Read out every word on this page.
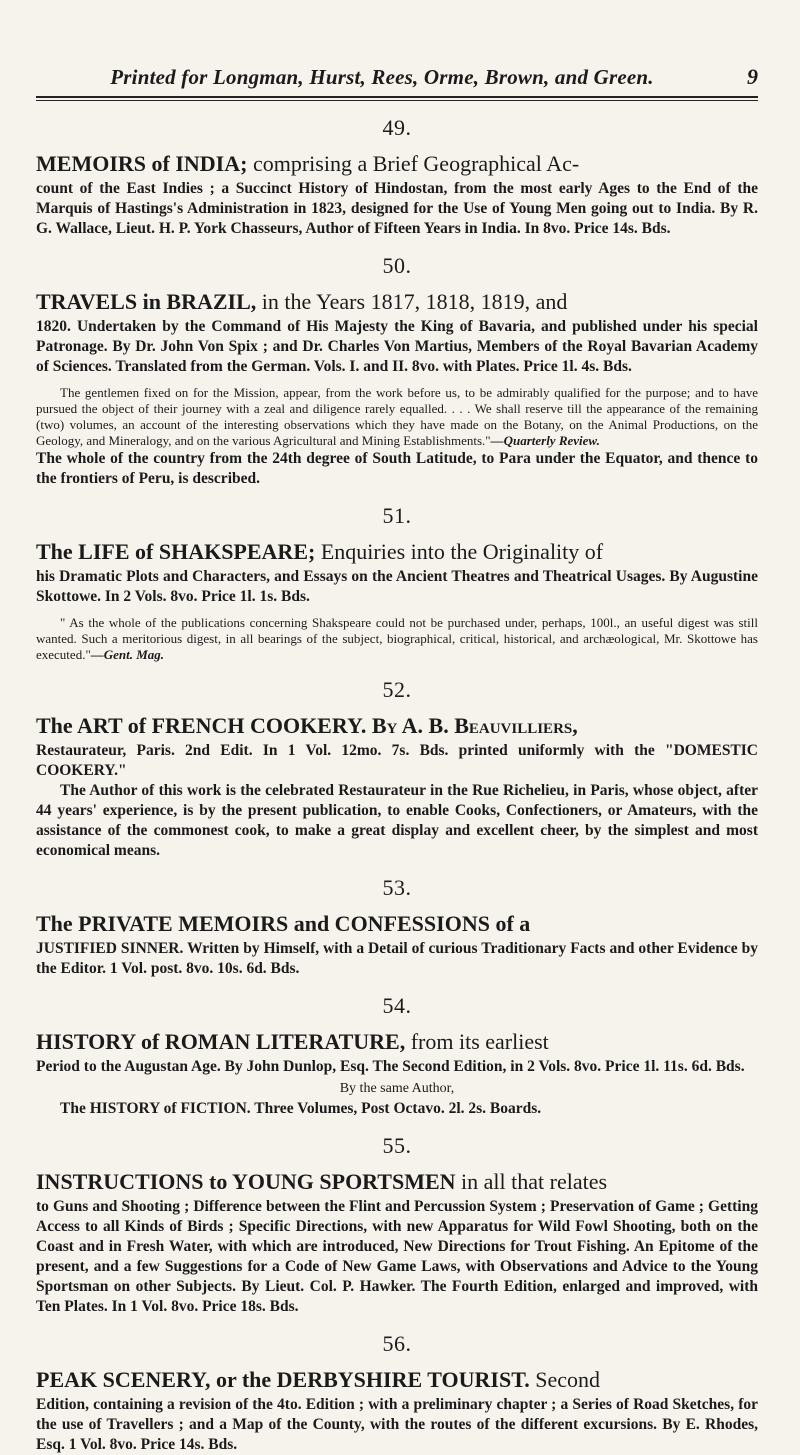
Printed for Longman, Hurst, Rees, Orme, Brown, and Green.	9
49.
MEMOIRS of INDIA; comprising a Brief Geographical Ac-
count of the East Indies ; a Succinct History of Hindostan, from the most early Ages to the End of the Marquis of Hastings's Administration in 1823, designed for the Use of Young Men going out to India. By R. G. Wallace, Lieut. H. P. York Chasseurs, Author of Fifteen Years in India. In 8vo. Price 14s. Bds.
50.
TRAVELS in BRAZIL, in the Years 1817, 1818, 1819, and
1820. Undertaken by the Command of His Majesty the King of Bavaria, and published under his special Patronage. By Dr. John Von Spix ; and Dr. Charles Von Martius, Members of the Royal Bavarian Academy of Sciences. Translated from the German. Vols. I. and II. 8vo. with Plates. Price 1l. 4s. Bds.
The gentlemen fixed on for the Mission, appear, from the work before us, to be admirably qualified for the purpose; and to have pursued the object of their journey with a zeal and diligence rarely equalled. . . . We shall reserve till the appearance of the remaining (two) volumes, an account of the interesting observations which they have made on the Botany, on the Animal Productions, on the Geology, and Mineralogy, and on the various Agricultural and Mining Establishments."—Quarterly Review.
The whole of the country from the 24th degree of South Latitude, to Para under the Equator, and thence to the frontiers of Peru, is described.
51.
The LIFE of SHAKSPEARE; Enquiries into the Originality of
his Dramatic Plots and Characters, and Essays on the Ancient Theatres and Theatrical Usages. By Augustine Skottowe. In 2 Vols. 8vo. Price 1l. 1s. Bds.
" As the whole of the publications concerning Shakspeare could not be purchased under, perhaps, 100l., an useful digest was still wanted. Such a meritorious digest, in all bearings of the subject, biographical, critical, historical, and archæological, Mr. Skottowe has executed."—Gent. Mag.
52.
The ART of FRENCH COOKERY. By A. B. Beauvilliers,
Restaurateur, Paris. 2nd Edit. In 1 Vol. 12mo. 7s. Bds. printed uniformly with the "DOMESTIC COOKERY."
The Author of this work is the celebrated Restaurateur in the Rue Richelieu, in Paris, whose object, after 44 years' experience, is by the present publication, to enable Cooks, Confectioners, or Amateurs, with the assistance of the commonest cook, to make a great display and excellent cheer, by the simplest and most economical means.
53.
The PRIVATE MEMOIRS and CONFESSIONS of a
JUSTIFIED SINNER. Written by Himself, with a Detail of curious Traditionary Facts and other Evidence by the Editor. 1 Vol. post. 8vo. 10s. 6d. Bds.
54.
HISTORY of ROMAN LITERATURE, from its earliest
Period to the Augustan Age. By John Dunlop, Esq. The Second Edition, in 2 Vols. 8vo. Price 1l. 11s. 6d. Bds.
By the same Author,
The HISTORY of FICTION. Three Volumes, Post Octavo. 2l. 2s. Boards.
55.
INSTRUCTIONS to YOUNG SPORTSMEN in all that relates
to Guns and Shooting ; Difference between the Flint and Percussion System ; Preservation of Game ; Getting Access to all Kinds of Birds ; Specific Directions, with new Apparatus for Wild Fowl Shooting, both on the Coast and in Fresh Water, with which are introduced, New Directions for Trout Fishing. An Epitome of the present, and a few Suggestions for a Code of New Game Laws, with Observations and Advice to the Young Sportsman on other Subjects. By Lieut. Col. P. Hawker. The Fourth Edition, enlarged and improved, with Ten Plates. In 1 Vol. 8vo. Price 18s. Bds.
56.
PEAK SCENERY, or the DERBYSHIRE TOURIST. Second
Edition, containing a revision of the 4to. Edition ; with a preliminary chapter ; a Series of Road Sketches, for the use of Travellers ; and a Map of the County, with the routes of the different excursions. By E. Rhodes, Esq. 1 Vol. 8vo. Price 14s. Bds.
